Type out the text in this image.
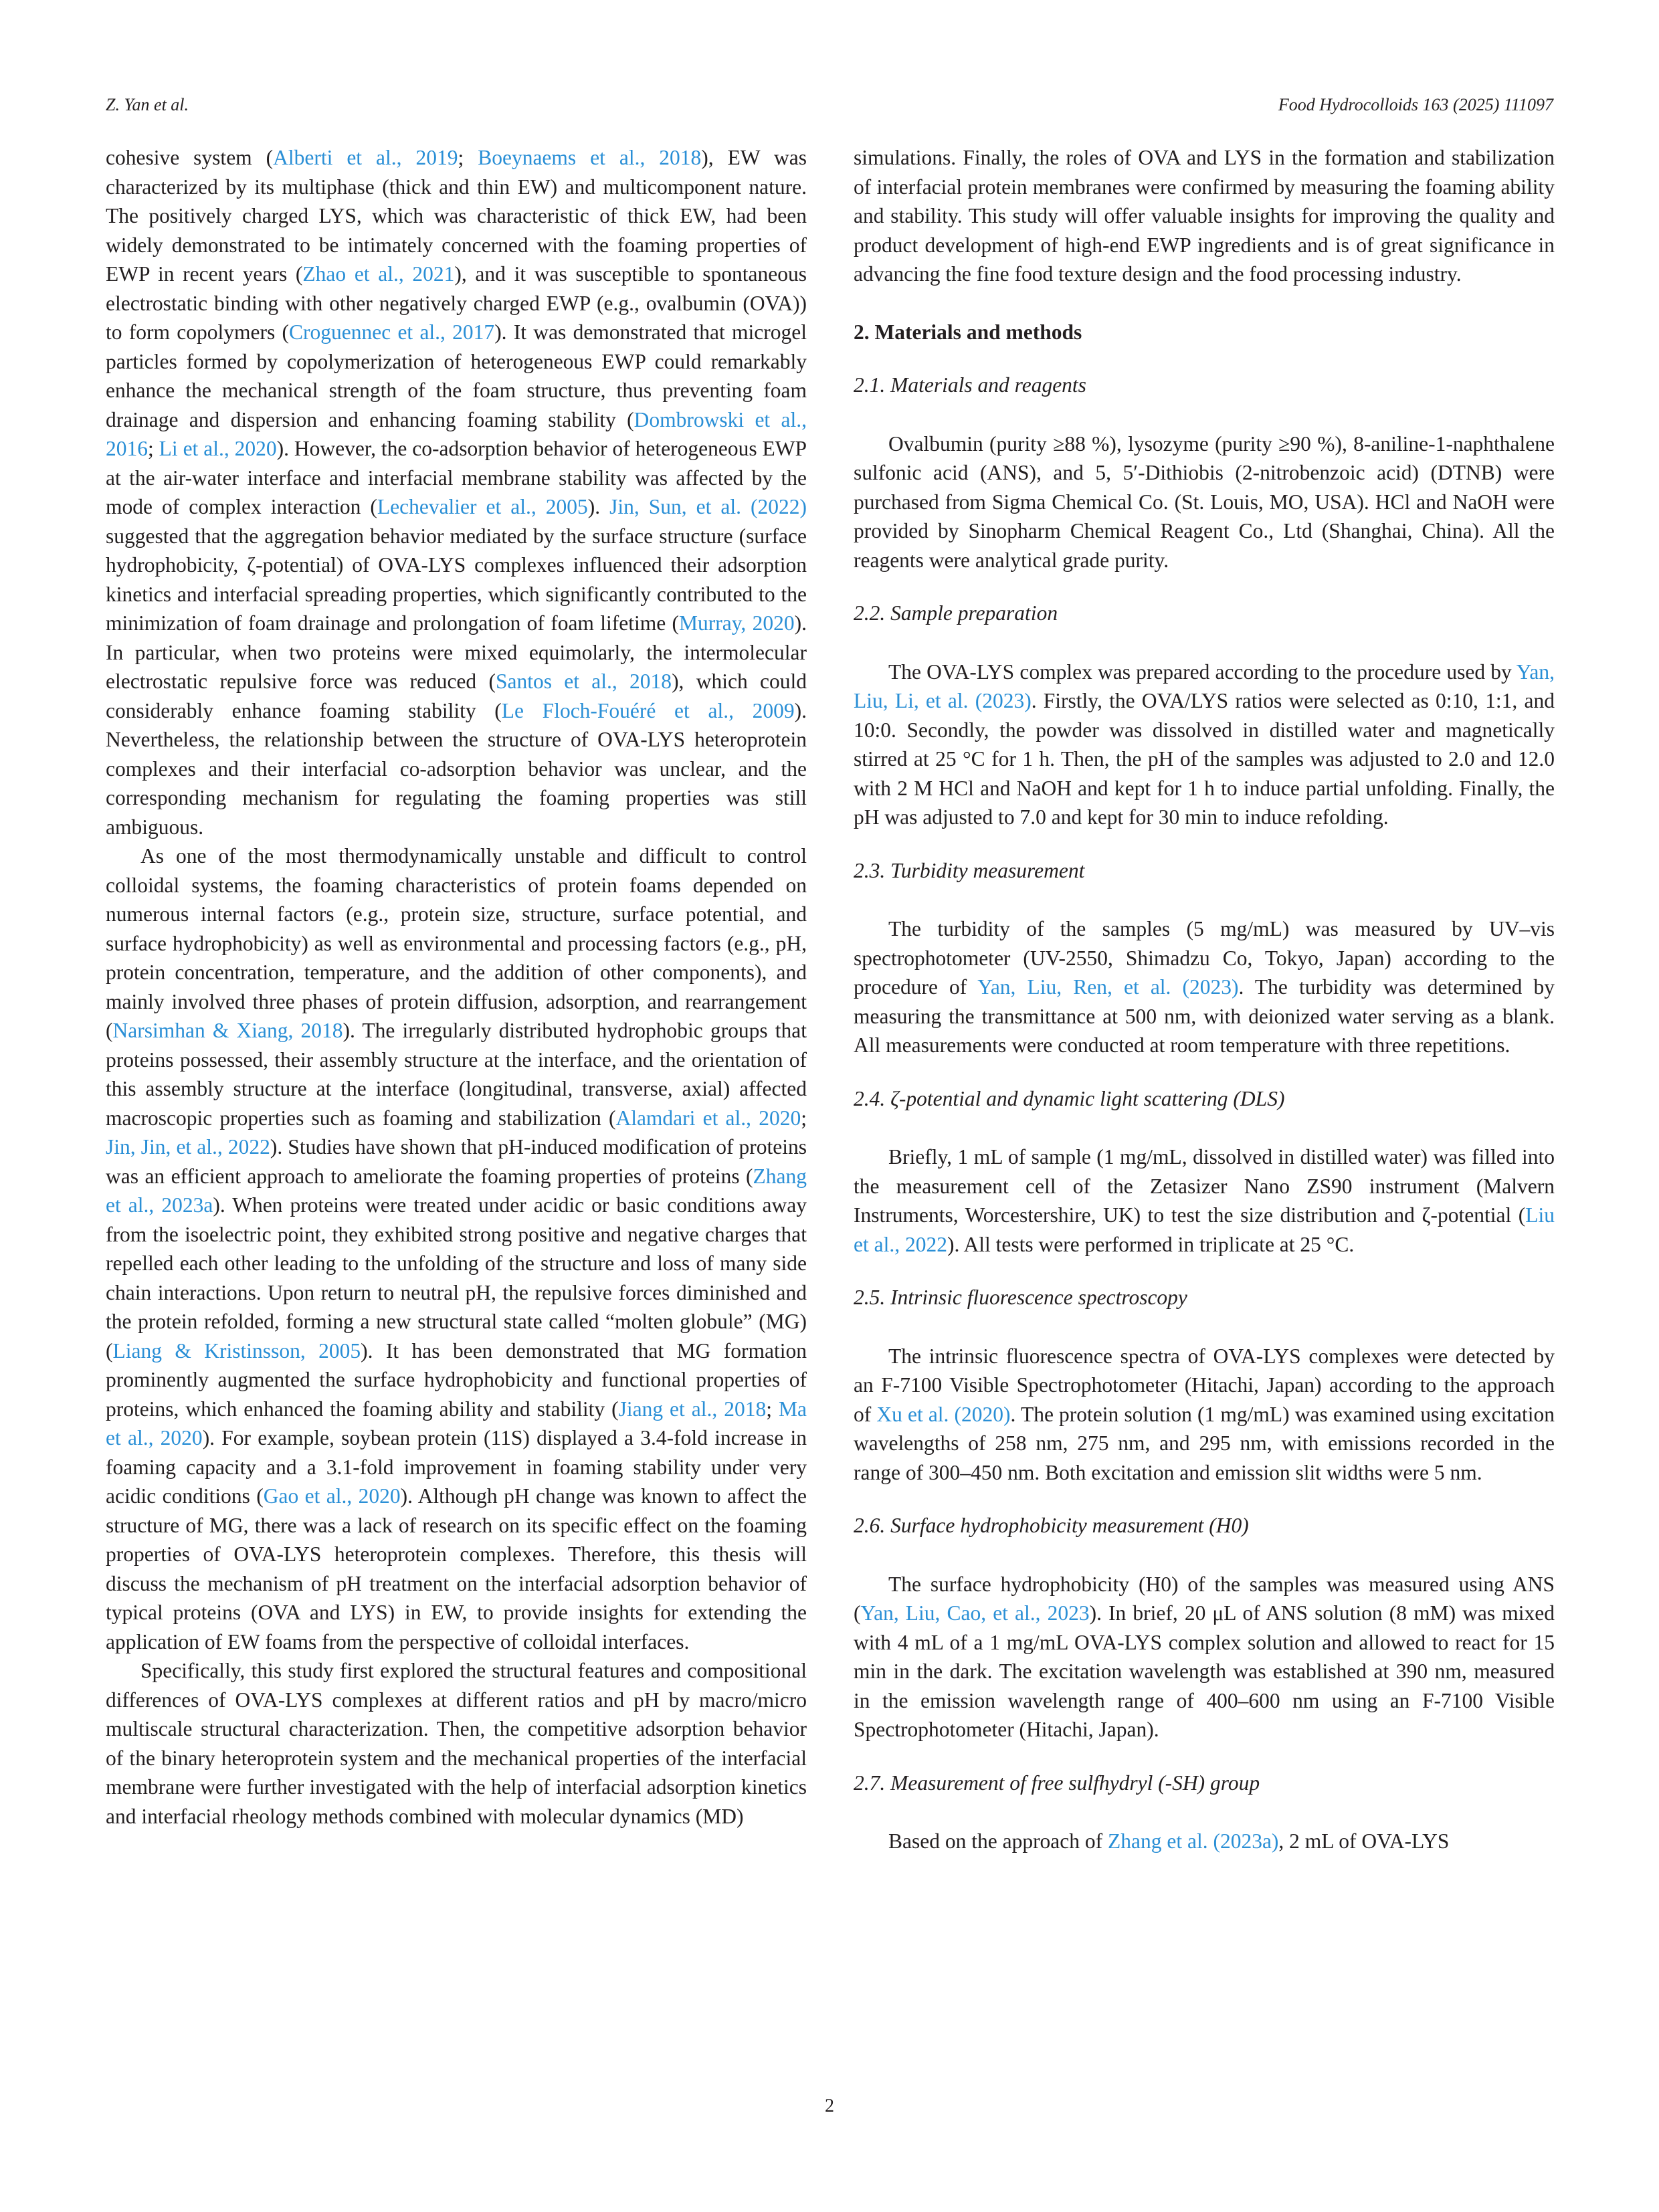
Z. Yan et al.	Food Hydrocolloids 163 (2025) 111097

cohesive system (Alberti et al., 2019; Boeynaems et al., 2018), EW was characterized by its multiphase (thick and thin EW) and multicomponent nature. The positively charged LYS, which was characteristic of thick EW, had been widely demonstrated to be intimately concerned with the foaming properties of EWP in recent years (Zhao et al., 2021), and it was susceptible to spontaneous electrostatic binding with other negatively charged EWP (e.g., ovalbumin (OVA)) to form copolymers (Croguennec et al., 2017). It was demonstrated that microgel particles formed by copolymerization of heterogeneous EWP could remarkably enhance the mechanical strength of the foam structure, thus preventing foam drainage and dispersion and enhancing foaming stability (Dombrowski et al., 2016; Li et al., 2020). However, the co-adsorption behavior of heterogeneous EWP at the air-water interface and interfacial membrane stability was affected by the mode of complex interaction (Lechevalier et al., 2005). Jin, Sun, et al. (2022) suggested that the aggregation behavior mediated by the surface structure (surface hydrophobicity, ζ-potential) of OVA-LYS complexes influenced their adsorption kinetics and interfacial spreading properties, which significantly contributed to the minimization of foam drainage and prolongation of foam lifetime (Murray, 2020). In particular, when two proteins were mixed equimolarly, the intermolecular electrostatic repulsive force was reduced (Santos et al., 2018), which could considerably enhance foaming stability (Le Floch-Fouéré et al., 2009). Nevertheless, the relationship between the structure of OVA-LYS heteroprotein complexes and their interfacial co-adsorption behavior was unclear, and the corresponding mechanism for regulating the foaming properties was still ambiguous.

As one of the most thermodynamically unstable and difficult to control colloidal systems, the foaming characteristics of protein foams depended on numerous internal factors (e.g., protein size, structure, surface potential, and surface hydrophobicity) as well as environmental and processing factors (e.g., pH, protein concentration, temperature, and the addition of other components), and mainly involved three phases of protein diffusion, adsorption, and rearrangement (Narsimhan & Xiang, 2018). The irregularly distributed hydrophobic groups that proteins possessed, their assembly structure at the interface, and the orientation of this assembly structure at the interface (longitudinal, transverse, axial) affected macroscopic properties such as foaming and stabilization (Alamdari et al., 2020; Jin, Jin, et al., 2022). Studies have shown that pH-induced modification of proteins was an efficient approach to ameliorate the foaming properties of proteins (Zhang et al., 2023a). When proteins were treated under acidic or basic conditions away from the isoelectric point, they exhibited strong positive and negative charges that repelled each other leading to the unfolding of the structure and loss of many side chain interactions. Upon return to neutral pH, the repulsive forces diminished and the protein refolded, forming a new structural state called “molten globule” (MG) (Liang & Kristinsson, 2005). It has been demonstrated that MG formation prominently augmented the surface hydrophobicity and functional properties of proteins, which enhanced the foaming ability and stability (Jiang et al., 2018; Ma et al., 2020). For example, soybean protein (11S) displayed a 3.4-fold increase in foaming capacity and a 3.1-fold improvement in foaming stability under very acidic conditions (Gao et al., 2020). Although pH change was known to affect the structure of MG, there was a lack of research on its specific effect on the foaming properties of OVA-LYS heteroprotein complexes. Therefore, this thesis will discuss the mechanism of pH treatment on the interfacial adsorption behavior of typical proteins (OVA and LYS) in EW, to provide insights for extending the application of EW foams from the perspective of colloidal interfaces.

Specifically, this study first explored the structural features and compositional differences of OVA-LYS complexes at different ratios and pH by macro/micro multiscale structural characterization. Then, the competitive adsorption behavior of the binary heteroprotein system and the mechanical properties of the interfacial membrane were further investigated with the help of interfacial adsorption kinetics and interfacial rheology methods combined with molecular dynamics (MD)

simulations. Finally, the roles of OVA and LYS in the formation and stabilization of interfacial protein membranes were confirmed by measuring the foaming ability and stability. This study will offer valuable insights for improving the quality and product development of high-end EWP ingredients and is of great significance in advancing the fine food texture design and the food processing industry.

2. Materials and methods
2.1. Materials and reagents

Ovalbumin (purity ≥88 %), lysozyme (purity ≥90 %), 8-aniline-1-naphthalene sulfonic acid (ANS), and 5, 5′-Dithiobis (2-nitrobenzoic acid) (DTNB) were purchased from Sigma Chemical Co. (St. Louis, MO, USA). HCl and NaOH were provided by Sinopharm Chemical Reagent Co., Ltd (Shanghai, China). All the reagents were analytical grade purity.

2.2. Sample preparation

The OVA-LYS complex was prepared according to the procedure used by Yan, Liu, Li, et al. (2023). Firstly, the OVA/LYS ratios were selected as 0:10, 1:1, and 10:0. Secondly, the powder was dissolved in distilled water and magnetically stirred at 25 °C for 1 h. Then, the pH of the samples was adjusted to 2.0 and 12.0 with 2 M HCl and NaOH and kept for 1 h to induce partial unfolding. Finally, the pH was adjusted to 7.0 and kept for 30 min to induce refolding.

2.3. Turbidity measurement

The turbidity of the samples (5 mg/mL) was measured by UV–vis spectrophotometer (UV-2550, Shimadzu Co, Tokyo, Japan) according to the procedure of Yan, Liu, Ren, et al. (2023). The turbidity was determined by measuring the transmittance at 500 nm, with deionized water serving as a blank. All measurements were conducted at room temperature with three repetitions.

2.4. ζ-potential and dynamic light scattering (DLS)

Briefly, 1 mL of sample (1 mg/mL, dissolved in distilled water) was filled into the measurement cell of the Zetasizer Nano ZS90 instrument (Malvern Instruments, Worcestershire, UK) to test the size distribution and ζ-potential (Liu et al., 2022). All tests were performed in triplicate at 25 °C.

2.5. Intrinsic fluorescence spectroscopy

The intrinsic fluorescence spectra of OVA-LYS complexes were detected by an F-7100 Visible Spectrophotometer (Hitachi, Japan) according to the approach of Xu et al. (2020). The protein solution (1 mg/mL) was examined using excitation wavelengths of 258 nm, 275 nm, and 295 nm, with emissions recorded in the range of 300–450 nm. Both excitation and emission slit widths were 5 nm.

2.6. Surface hydrophobicity measurement (H0)

The surface hydrophobicity (H0) of the samples was measured using ANS (Yan, Liu, Cao, et al., 2023). In brief, 20 μL of ANS solution (8 mM) was mixed with 4 mL of a 1 mg/mL OVA-LYS complex solution and allowed to react for 15 min in the dark. The excitation wavelength was established at 390 nm, measured in the emission wavelength range of 400–600 nm using an F-7100 Visible Spectrophotometer (Hitachi, Japan).

2.7. Measurement of free sulfhydryl (-SH) group

Based on the approach of Zhang et al. (2023a), 2 mL of OVA-LYS

2
